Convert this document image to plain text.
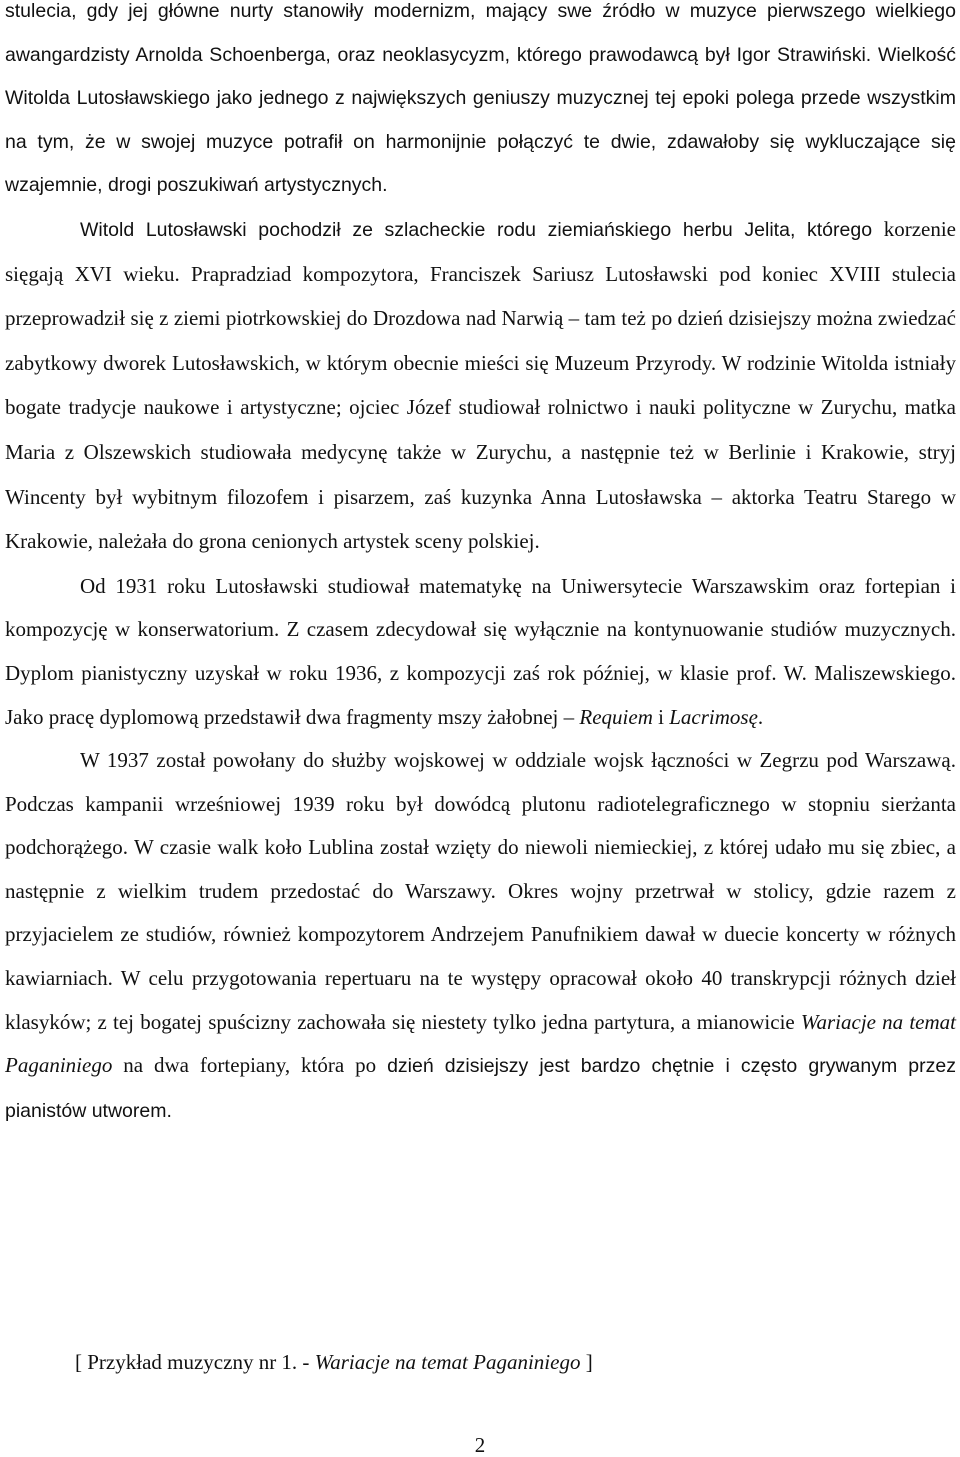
stulecia, gdy jej główne nurty stanowiły modernizm, mający swe źródło w muzyce pierwszego wielkiego awangardzisty Arnolda Schoenberga, oraz neoklasycyzm, którego prawodawcą był Igor Strawiński. Wielkość Witolda Lutosławskiego jako jednego z największych geniuszy muzycznej tej epoki polega przede wszystkim na tym, że w swojej muzyce potrafił on harmonijnie połączyć te dwie, zdawałoby się wykluczające się wzajemnie, drogi poszukiwań artystycznych.

Witold Lutosławski pochodził ze szlacheckie rodu ziemiańskiego herbu Jelita, którego korzenie sięgają XVI wieku. Prapradziad kompozytora, Franciszek Sariusz Lutosławski pod koniec XVIII stulecia przeprowadził się z ziemi piotrkowskiej do Drozdowa nad Narwią – tam też po dzień dzisiejszy można zwiedzać zabytkowy dworek Lutosławskich, w którym obecnie mieści się Muzeum Przyrody. W rodzinie Witolda istniały bogate tradycje naukowe i artystyczne; ojciec Józef studiował rolnictwo i nauki polityczne w Zurychu, matka Maria z Olszewskich studiowała medycynę także w Zurychu, a następnie też w Berlinie i Krakowie, stryj Wincenty był wybitnym filozofem i pisarzem, zaś kuzynka Anna Lutosławska – aktorka Teatru Starego w Krakowie, należała do grona cenionych artystek sceny polskiej.

Od 1931 roku Lutosławski studiował matematykę na Uniwersytecie Warszawskim oraz fortepian i kompozycję w konserwatorium. Z czasem zdecydował się wyłącznie na kontynuowanie studiów muzycznych. Dyplom pianistyczny uzyskał w roku 1936, z kompozycji zaś rok później, w klasie prof. W. Maliszewskiego. Jako pracę dyplomową przedstawił dwa fragmenty mszy żałobnej – Requiem i Lacrimosę.

W 1937 został powołany do służby wojskowej w oddziale wojsk łączności w Zegrzu pod Warszawą. Podczas kampanii wrześniowej 1939 roku był dowódcą plutonu radiotelegraficznego w stopniu sierżanta podchorążego. W czasie walk koło Lublina został wzięty do niewoli niemieckiej, z której udało mu się zbiec, a następnie z wielkim trudem przedostać do Warszawy. Okres wojny przetrwał w stolicy, gdzie razem z przyjacielem ze studiów, również kompozytorem Andrzejem Panufnikiem dawał w duecie koncerty w różnych kawiarniach. W celu przygotowania repertuaru na te występy opracował około 40 transkrypcji różnych dzieł klasyków; z tej bogatej spuścizny zachowała się niestety tylko jedna partytura, a mianowicie Wariacje na temat Paganiniego na dwa fortepiany, która po dzień dzisiejszy jest bardzo chętnie i często grywanym przez pianistów utworem.

[ Przykład muzyczny nr 1. - Wariacje na temat Paganiniego ]

2
